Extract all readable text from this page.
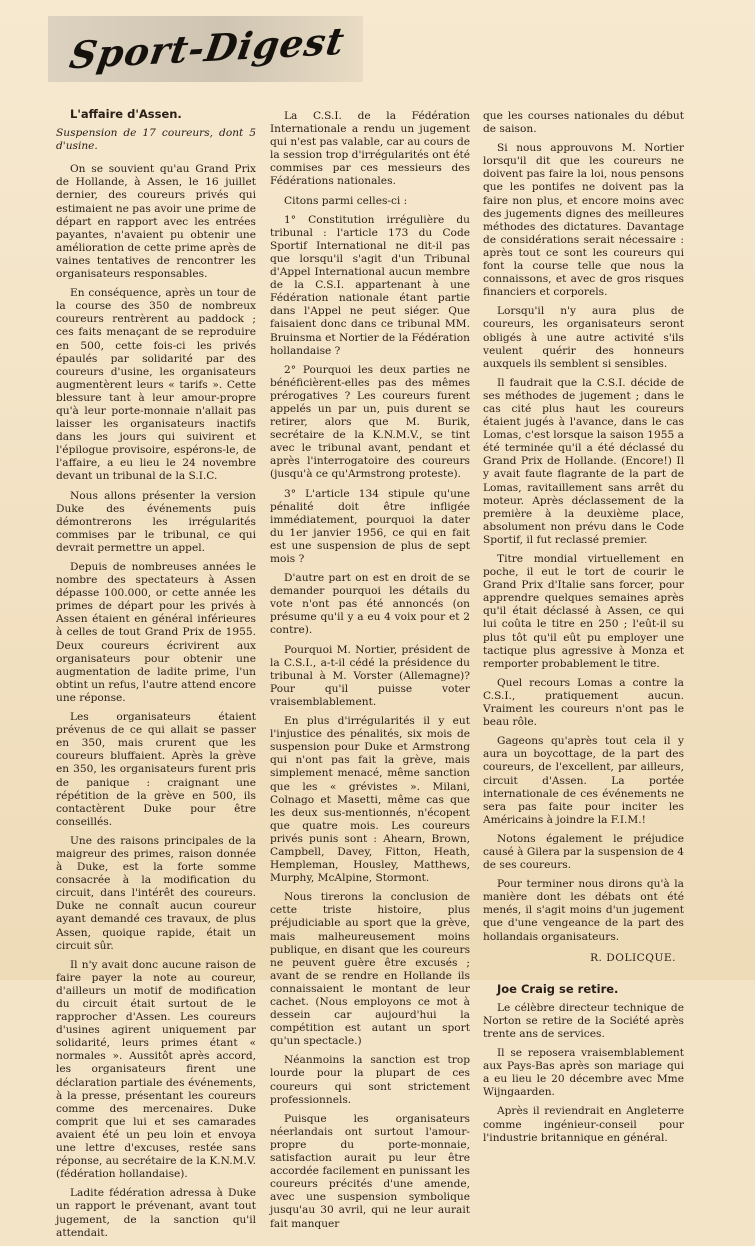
Sport-Digest

L'affaire d'Assen.

Suspension de 17 coureurs, dont 5 d'usine.

On se souvient qu'au Grand Prix de Hollande, à Assen, le 16 juillet dernier, des coureurs privés qui estimaient ne pas avoir une prime de départ en rapport avec les entrées payantes, n'avaient pu obtenir une amélioration de cette prime après de vaines tentatives de rencontrer les organisateurs responsables.

En conséquence, après un tour de la course des 350 de nombreux coureurs rentrèrent au paddock ; ces faits menaçant de se reproduire en 500, cette fois-ci les privés épaulés par solidarité par des coureurs d'usine, les organisateurs augmentèrent leurs « tarifs ». Cette blessure tant à leur amour-propre qu'à leur porte-monnaie n'allait pas laisser les organisateurs inactifs dans les jours qui suivirent et l'épilogue provisoire, espérons-le, de l'affaire, a eu lieu le 24 novembre devant un tribunal de la S.I.C.

Nous allons présenter la version Duke des événements puis démontrerons les irrégularités commises par le tribunal, ce qui devrait permettre un appel.

Depuis de nombreuses années le nombre des spectateurs à Assen dépasse 100.000, or cette année les primes de départ pour les privés à Assen étaient en général inférieures à celles de tout Grand Prix de 1955. Deux coureurs écrivirent aux organisateurs pour obtenir une augmentation de ladite prime, l'un obtint un refus, l'autre attend encore une réponse.

Les organisateurs étaient prévenus de ce qui allait se passer en 350, mais crurent que les coureurs bluffaient. Après la grève en 350, les organisateurs furent pris de panique : craignant une répétition de la grève en 500, ils contactèrent Duke pour être conseillés.

Une des raisons principales de la maigreur des primes, raison donnée à Duke, est la forte somme consacrée à la modification du circuit, dans l'intérêt des coureurs. Duke ne connaît aucun coureur ayant demandé ces travaux, de plus Assen, quoique rapide, était un circuit sûr.

Il n'y avait donc aucune raison de faire payer la note au coureur, d'ailleurs un motif de modification du circuit était surtout de le rapprocher d'Assen. Les coureurs d'usines agirent uniquement par solidarité, leurs primes étant « normales ». Aussitôt après accord, les organisateurs firent une déclaration partiale des événements, à la presse, présentant les coureurs comme des mercenaires. Duke comprit que lui et ses camarades avaient été un peu loin et envoya une lettre d'excuses, restée sans réponse, au secrétaire de la K.N.M.V. (fédération hollandaise).

Ladite fédération adressa à Duke un rapport le prévenant, avant tout jugement, de la sanction qu'il attendait.

La C.S.I. de la Fédération Internationale a rendu un jugement qui n'est pas valable, car au cours de la session trop d'irrégularités ont été commises par ces messieurs des Fédérations nationales.

Citons parmi celles-ci :

1° Constitution irrégulière du tribunal : l'article 173 du Code Sportif International ne dit-il pas que lorsqu'il s'agit d'un Tribunal d'Appel International aucun membre de la C.S.I. appartenant à une Fédération nationale étant partie dans l'Appel ne peut siéger. Que faisaient donc dans ce tribunal MM. Bruinsma et Nortier de la Fédération hollandaise ?

2° Pourquoi les deux parties ne bénéficièrent-elles pas des mêmes prérogatives ? Les coureurs furent appelés un par un, puis durent se retirer, alors que M. Burik, secrétaire de la K.N.M.V., se tint avec le tribunal avant, pendant et après l'interrogatoire des coureurs (jusqu'à ce qu'Armstrong proteste).

3° L'article 134 stipule qu'une pénalité doit être infligée immédiatement, pourquoi la dater du 1er janvier 1956, ce qui en fait est une suspension de plus de sept mois ?

D'autre part on est en droit de se demander pourquoi les détails du vote n'ont pas été annoncés (on présume qu'il y a eu 4 voix pour et 2 contre).

Pourquoi M. Nortier, président de la C.S.I., a-t-il cédé la présidence du tribunal à M. Vorster (Allemagne)? Pour qu'il puisse voter vraisemblablement.

En plus d'irrégularités il y eut l'injustice des pénalités, six mois de suspension pour Duke et Armstrong qui n'ont pas fait la grève, mais simplement menacé, même sanction que les « grévistes ». Milani, Colnago et Masetti, même cas que les deux sus-mentionnés, n'écopent que quatre mois. Les coureurs privés punis sont : Ahearn, Brown, Campbell, Davey, Fitton, Heath, Hempleman, Housley, Matthews, Murphy, McAlpine, Stormont.

Nous tirerons la conclusion de cette triste histoire, plus préjudiciable au sport que la grève, mais malheureusement moins publique, en disant que les coureurs ne peuvent guère être excusés ; avant de se rendre en Hollande ils connaissaient le montant de leur cachet. (Nous employons ce mot à dessein car aujourd'hui la compétition est autant un sport qu'un spectacle.)

Néanmoins la sanction est trop lourde pour la plupart de ces coureurs qui sont strictement professionnels.

Puisque les organisateurs néerlandais ont surtout l'amour-propre du porte-monnaie, satisfaction aurait pu leur être accordée facilement en punissant les coureurs précités d'une amende, avec une suspension symbolique jusqu'au 30 avril, qui ne leur aurait fait manquer

que les courses nationales du début de saison.

Si nous approuvons M. Nortier lorsqu'il dit que les coureurs ne doivent pas faire la loi, nous pensons que les pontifes ne doivent pas la faire non plus, et encore moins avec des jugements dignes des meilleures méthodes des dictatures. Davantage de considérations serait nécessaire : après tout ce sont les coureurs qui font la course telle que nous la connaissons, et avec de gros risques financiers et corporels.

Lorsqu'il n'y aura plus de coureurs, les organisateurs seront obligés à une autre activité s'ils veulent quérir des honneurs auxquels ils semblent si sensibles.

Il faudrait que la C.S.I. décide de ses méthodes de jugement ; dans le cas cité plus haut les coureurs étaient jugés à l'avance, dans le cas Lomas, c'est lorsque la saison 1955 a été terminée qu'il a été déclassé du Grand Prix de Hollande. (Encore!) Il y avait faute flagrante de la part de Lomas, ravitaillement sans arrêt du moteur. Après déclassement de la première à la deuxième place, absolument non prévu dans le Code Sportif, il fut reclassé premier.

Titre mondial virtuellement en poche, il eut le tort de courir le Grand Prix d'Italie sans forcer, pour apprendre quelques semaines après qu'il était déclassé à Assen, ce qui lui coûta le titre en 250 ; l'eût-il su plus tôt qu'il eût pu employer une tactique plus agressive à Monza et remporter probablement le titre.

Quel recours Lomas a contre la C.S.I., pratiquement aucun. Vraiment les coureurs n'ont pas le beau rôle.

Gageons qu'après tout cela il y aura un boycottage, de la part des coureurs, de l'excellent, par ailleurs, circuit d'Assen. La portée internationale de ces événements ne sera pas faite pour inciter les Américains à joindre la F.I.M.!

Notons également le préjudice causé à Gilera par la suspension de 4 de ses coureurs.

Pour terminer nous dirons qu'à la manière dont les débats ont été menés, il s'agit moins d'un jugement que d'une vengeance de la part des hollandais organisateurs.

R. DOLICQUE.

Joe Craig se retire.

Le célèbre directeur technique de Norton se retire de la Société après trente ans de services.

Il se reposera vraisemblablement aux Pays-Bas après son mariage qui a eu lieu le 20 décembre avec Mme Wijngaarden.

Après il reviendrait en Angleterre comme ingénieur-conseil pour l'industrie britannique en général.
